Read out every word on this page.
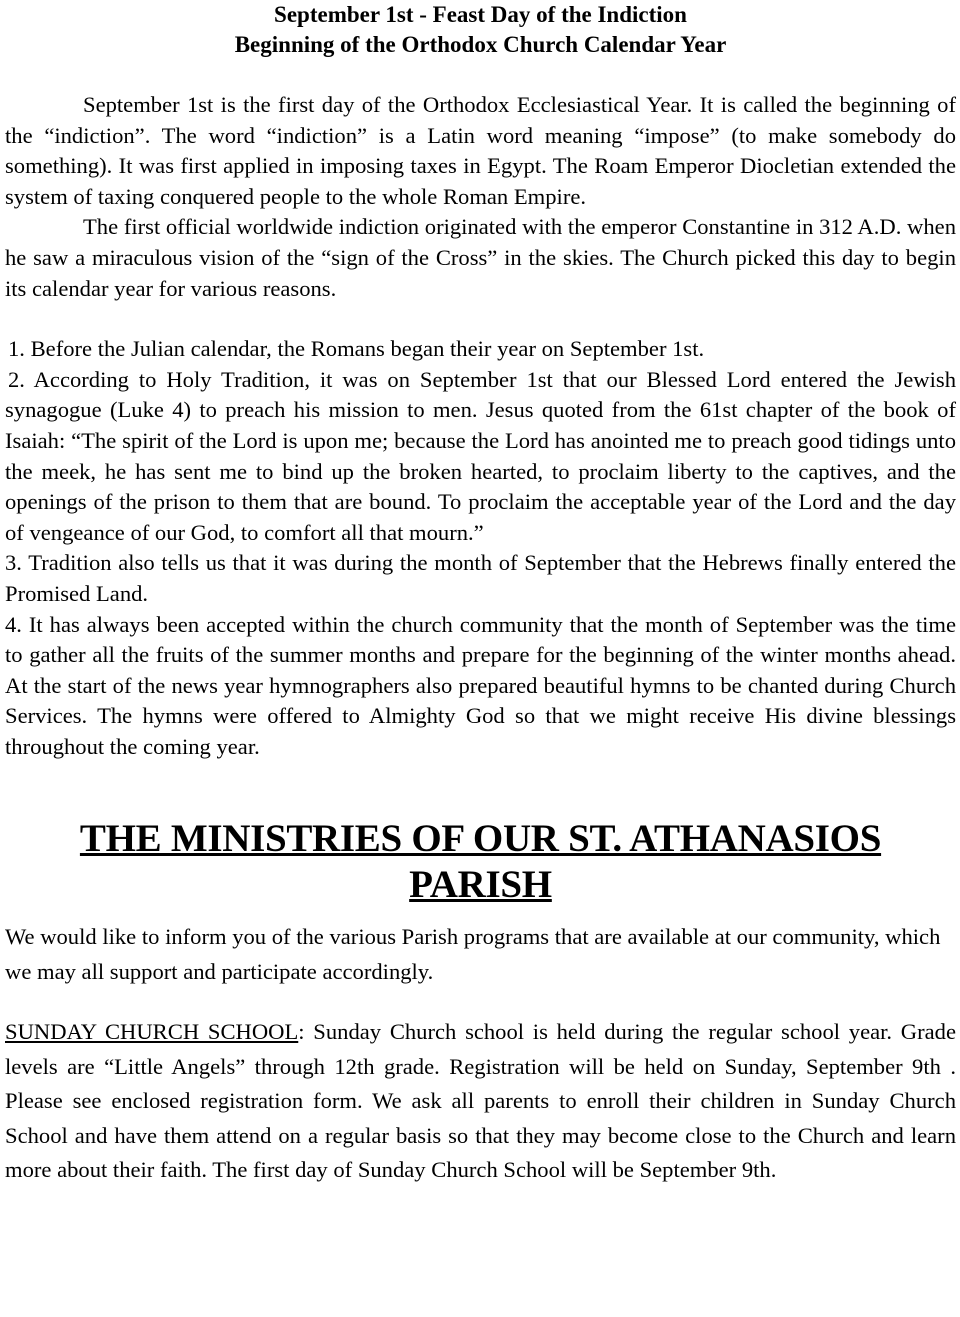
September 1st - Feast Day of the Indiction

Beginning of the Orthodox Church Calendar Year

September 1st is the first day of the Orthodox Ecclesiastical Year. It is called the beginning of the “indiction”. The word “indiction” is a Latin word meaning “impose” (to make somebody do something). It was first applied in imposing taxes in Egypt. The Roam Emperor Diocletian extended the system of taxing conquered people to the whole Roman Empire.

The first official worldwide indiction originated with the emperor Constantine in 312 A.D. when he saw a miraculous vision of the “sign of the Cross” in the skies. The Church picked this day to begin its calendar year for various reasons.

1. Before the Julian calendar, the Romans began their year on September 1st.

2. According to Holy Tradition, it was on September 1st that our Blessed Lord entered the Jewish synagogue (Luke 4) to preach his mission to men. Jesus quoted from the 61st chapter of the book of Isaiah: “The spirit of the Lord is upon me; because the Lord has anointed me to preach good tidings unto the meek, he has sent me to bind up the broken hearted, to proclaim liberty to the captives, and the openings of the prison to them that are bound. To proclaim the acceptable year of the Lord and the day of vengeance of our God, to comfort all that mourn.”

3. Tradition also tells us that it was during the month of September that the Hebrews finally entered the Promised Land.

4. It has always been accepted within the church community that the month of September was the time to gather all the fruits of the summer months and prepare for the beginning of the winter months ahead. At the start of the news year hymnographers also prepared beautiful hymns to be chanted during Church Services. The hymns were offered to Almighty God so that we might receive His divine blessings throughout the coming year.

THE MINISTRIES OF OUR ST. ATHANASIOS

PARISH

We would like to inform you of the various Parish programs that are available at our community, which we may all support and participate accordingly.

SUNDAY CHURCH SCHOOL: Sunday Church school is held during the regular school year. Grade levels are “Little Angels” through 12th grade. Registration will be held on Sunday, September 9th . Please see enclosed registration form. We ask all parents to enroll their children in Sunday Church School and have them attend on a regular basis so that they may become close to the Church and learn more about their faith. The first day of Sunday Church School will be September 9th.
